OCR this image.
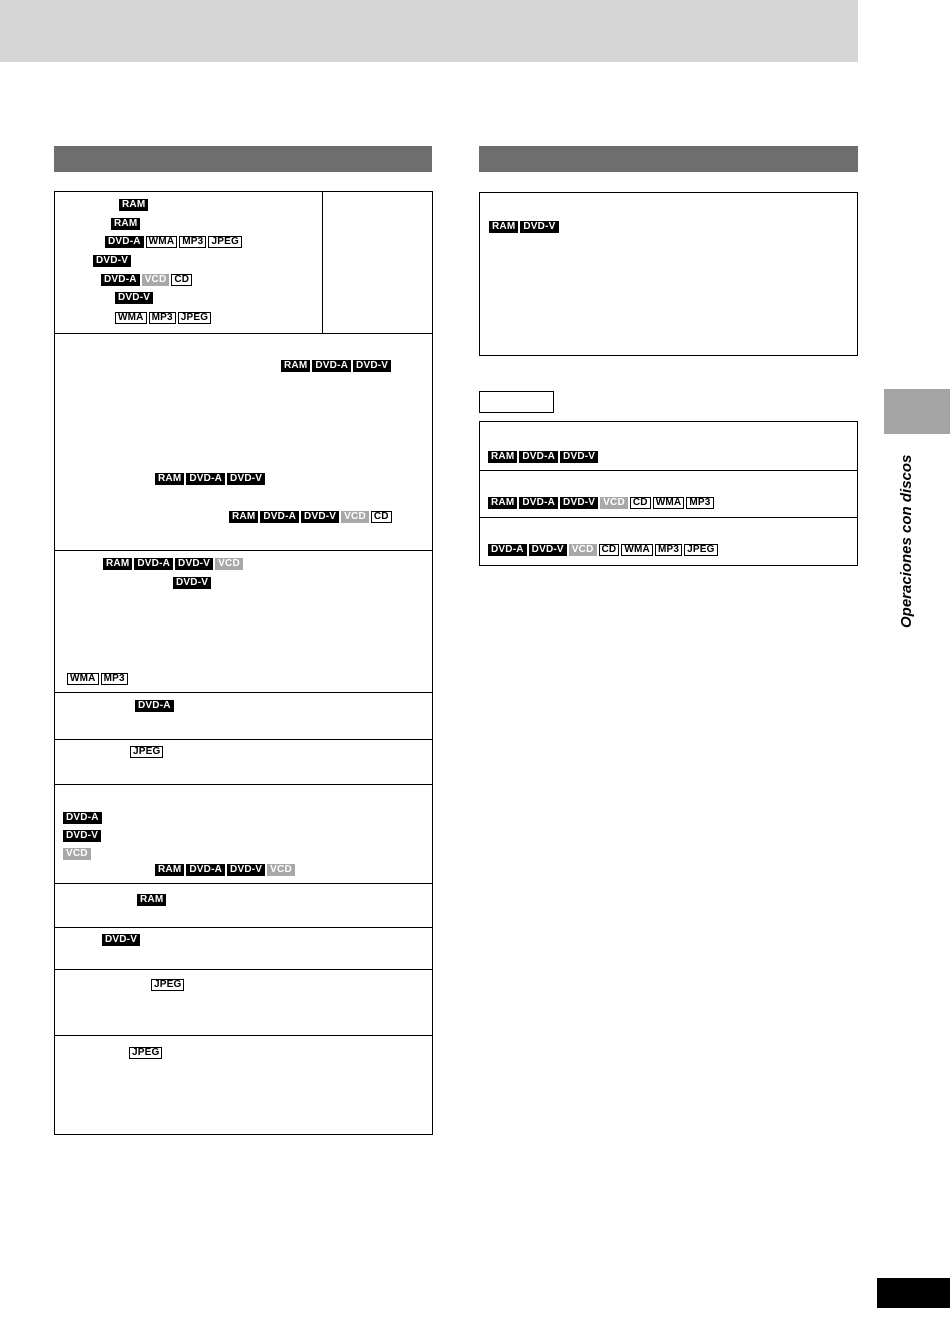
RAM
RAM
DVD-A WMA MP3 JPEG
DVD-V
DVD-A VCD CD
DVD-V
WMA MP3 JPEG
RAM DVD-A DVD-V
RAM DVD-A DVD-V
RAM DVD-A DVD-V VCD CD
RAM DVD-A DVD-V VCD
DVD-V
WMA MP3
DVD-A
JPEG
DVD-A
DVD-V
VCD
RAM DVD-A DVD-V VCD
RAM
DVD-V
JPEG
JPEG
RAM DVD-V
RAM DVD-A DVD-V
RAM DVD-A DVD-V VCD CD WMA MP3
DVD-A DVD-V VCD CD WMA MP3 JPEG	Operaciones con discos
